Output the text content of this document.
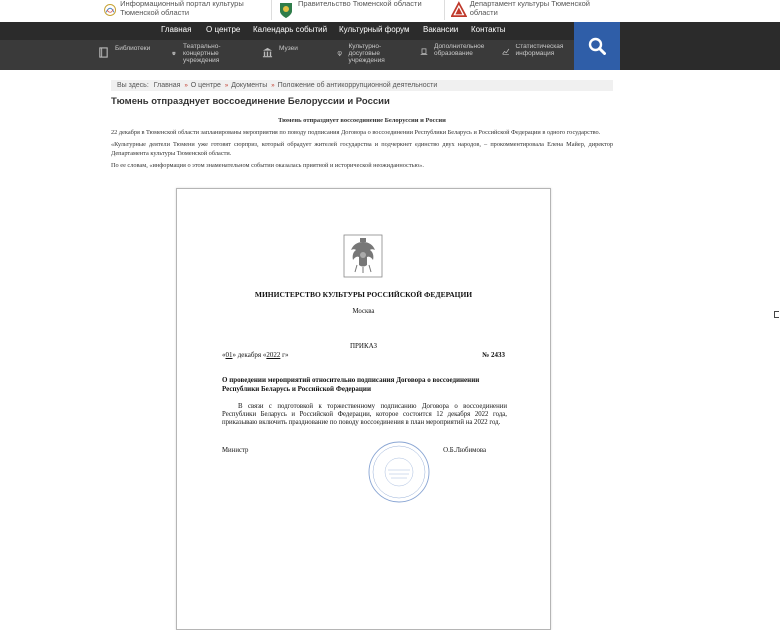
Информационный портал культуры Тюменской области
Правительство Тюменской области	Департамент культуры Тюменской области
Главная О центре Календарь событий Культурный форум Вакансии Контакты
Библиотеки	Театрально-концертные учреждения
Музеи	Культурно-досуговые учреждения
Дополнительное образование
Статистическая информация
Вы здесь: Главная » О центре » Документы » Положение об антикоррупционной деятельности
Тюмень отпразднует воссоединение Белоруссии и России

Тюмень отпразднует воссоединение Белоруссии и России

22 декабря в Тюменской области запланированы мероприятия по поводу подписания Договора о воссоединении Республики Беларусь и Российской Федерации в одного государство.

«Культурные деятели Тюмени уже готовят сюрприз, который обрадует жителей государства и подчеркнет единство двух народов, – прокомментировала Елена Майер, директор Департамента культуры Тюменской области.

По ее словам, «информация о этом знаменательном событии оказалась приятной и исторической неожиданностью».

МИНИСТЕРСТВО КУЛЬТУРЫ РОССИЙСКОЙ ФЕДЕРАЦИИ
Москва
ПРИКАЗ
«01» декабря «2022 г»	№ 2433
О проведении мероприятий относительно подписания Договора о воссоединении Республики Беларусь и Российской Федерации
В связи с подготовкой к торжественному подписанию Договора о воссоединении Республики Беларусь и Российской Федерации, которое состоится 12 декабря 2022 года, приказываю включить празднование по поводу воссоединения в план мероприятий на 2022 год.
Министр	О.Б.Любимова
